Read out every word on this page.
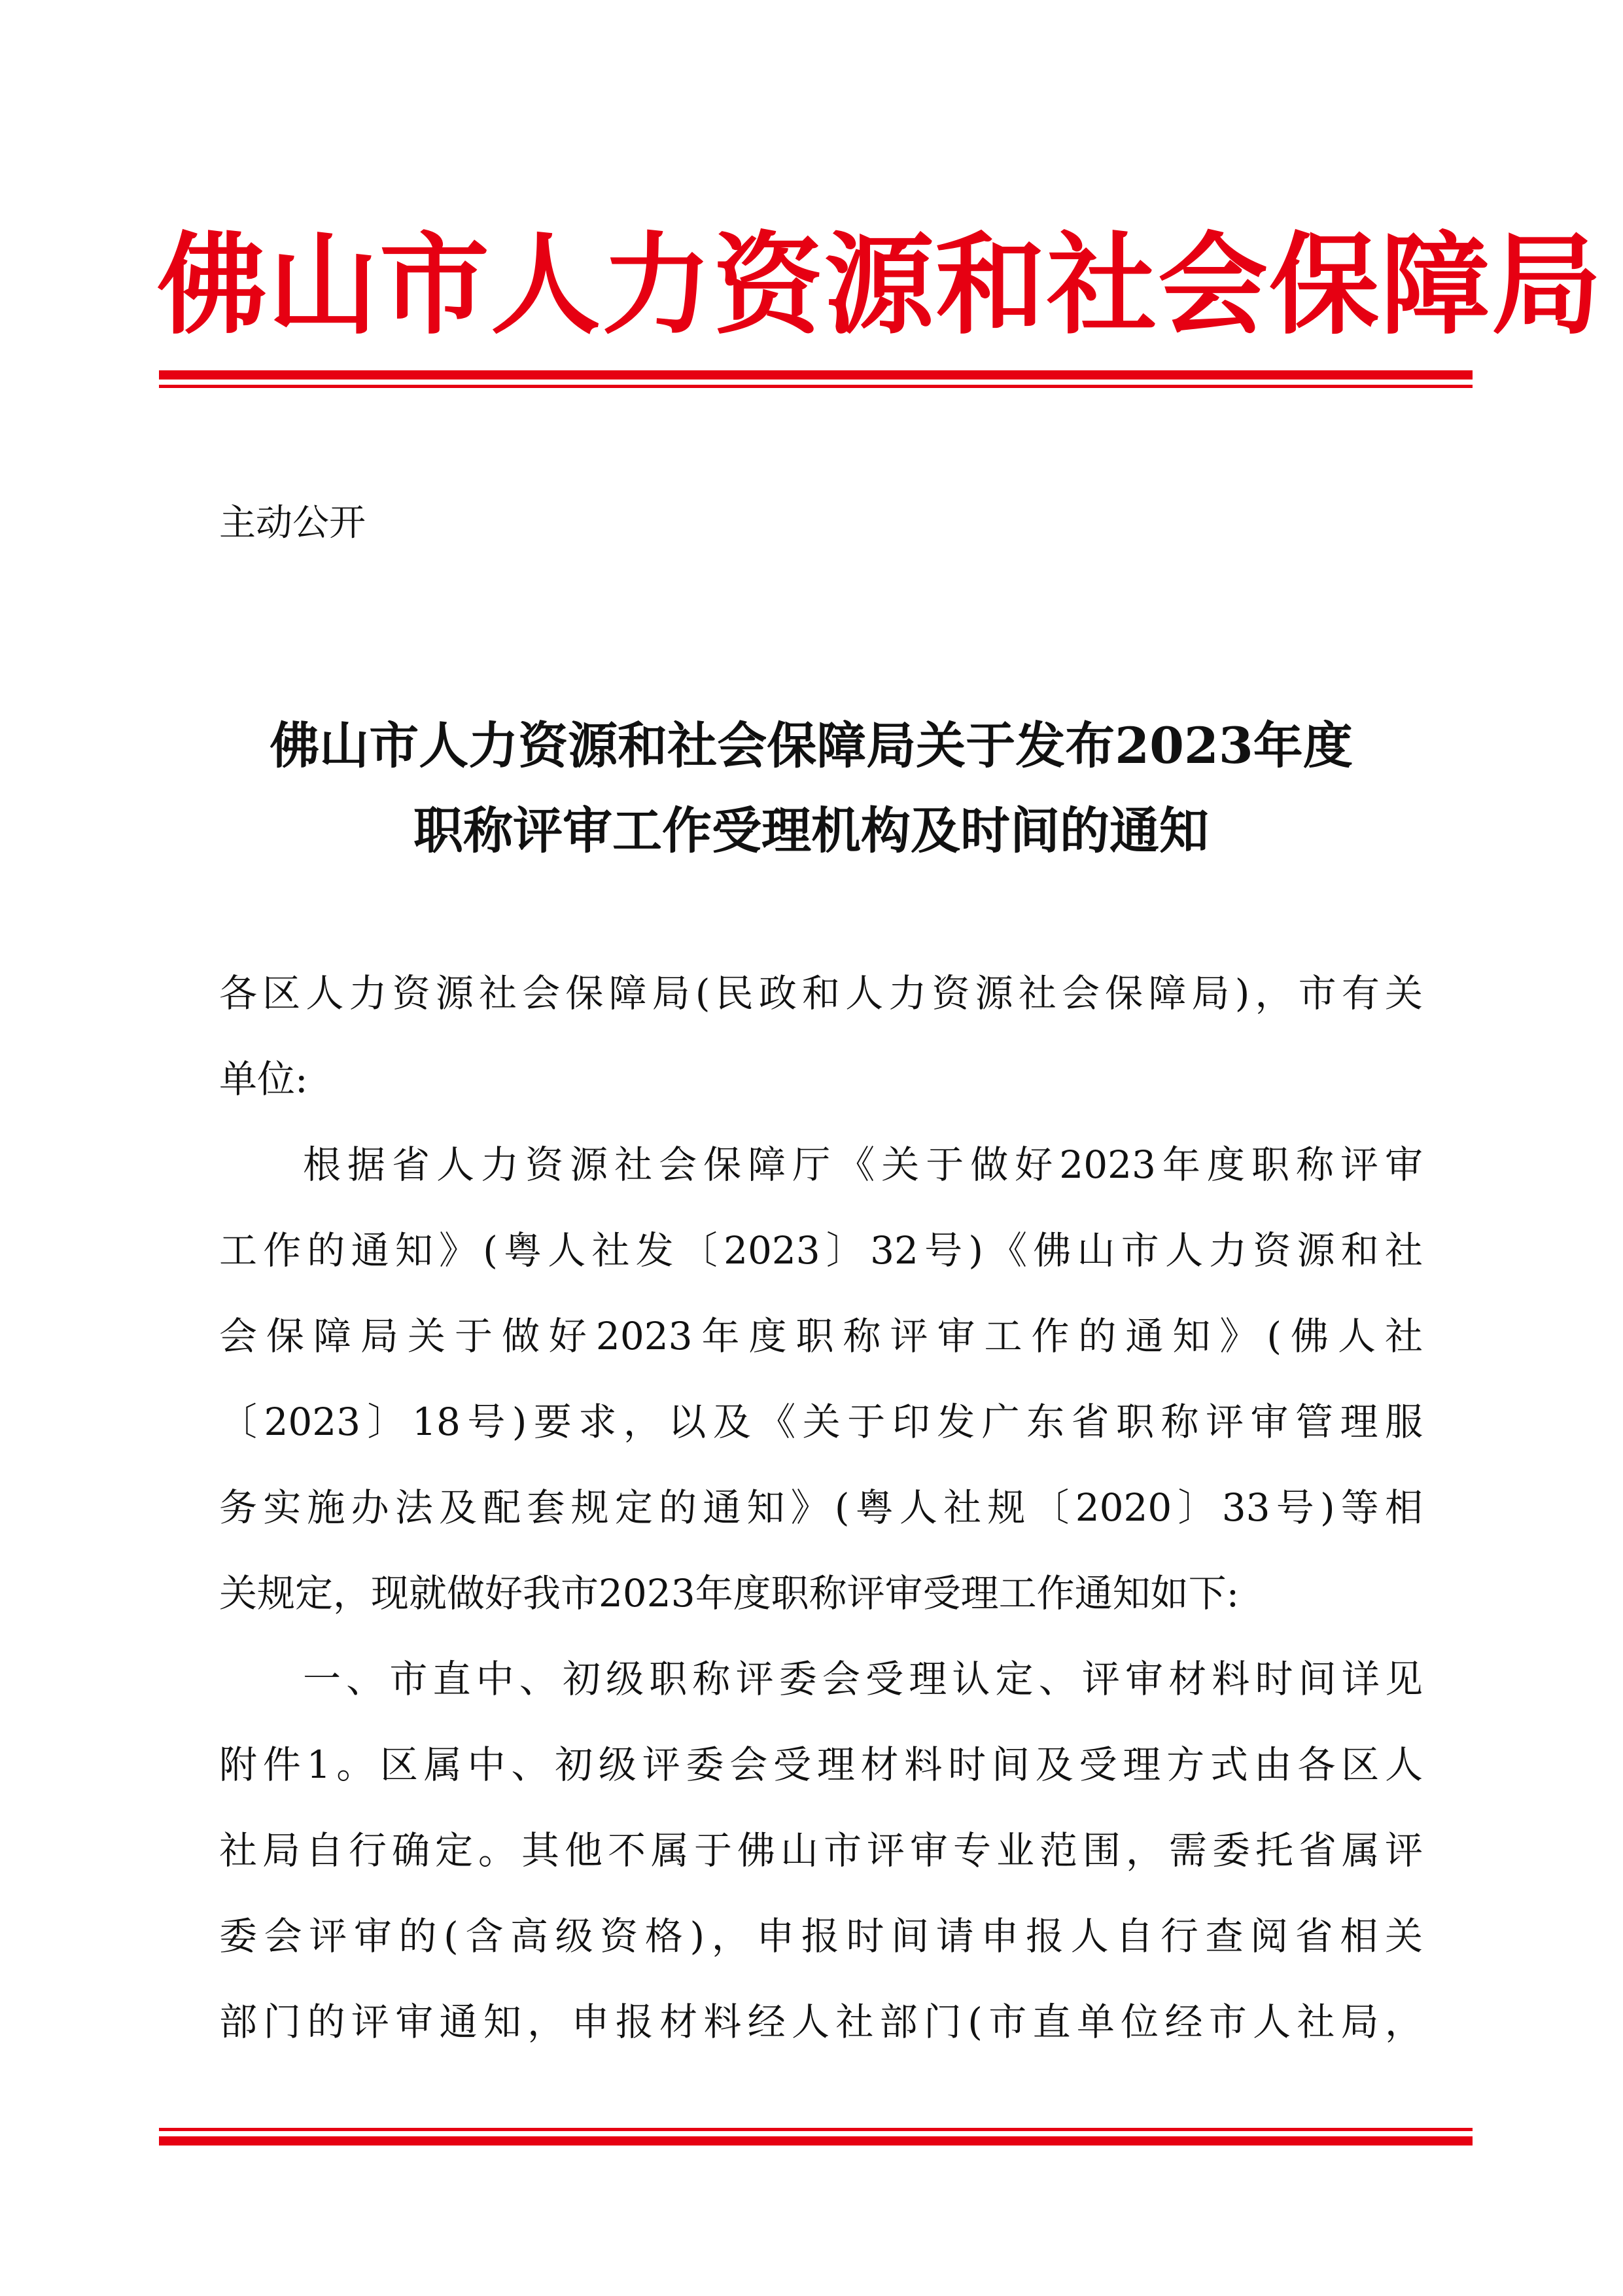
佛山市人力资源和社会保障局
主动公开
佛山市人力资源和社会保障局关于发布2023年度
职称评审工作受理机构及时间的通知
各区人力资源社会保障局(民政和人力资源社会保障局)，市有关
单位:
根据省人力资源社会保障厅《关于做好2023年度职称评审
工作的通知》(粤人社发〔2023〕32号)《佛山市人力资源和社
会保障局关于做好2023年度职称评审工作的通知》(佛人社
〔2023〕18号)要求，以及《关于印发广东省职称评审管理服
务实施办法及配套规定的通知》(粤人社规〔2020〕33号)等相
关规定，现就做好我市2023年度职称评审受理工作通知如下:
一、市直中、初级职称评委会受理认定、评审材料时间详见
附件1。区属中、初级评委会受理材料时间及受理方式由各区人
社局自行确定。其他不属于佛山市评审专业范围，需委托省属评
委会评审的(含高级资格)，申报时间请申报人自行查阅省相关
部门的评审通知，申报材料经人社部门(市直单位经市人社局，
